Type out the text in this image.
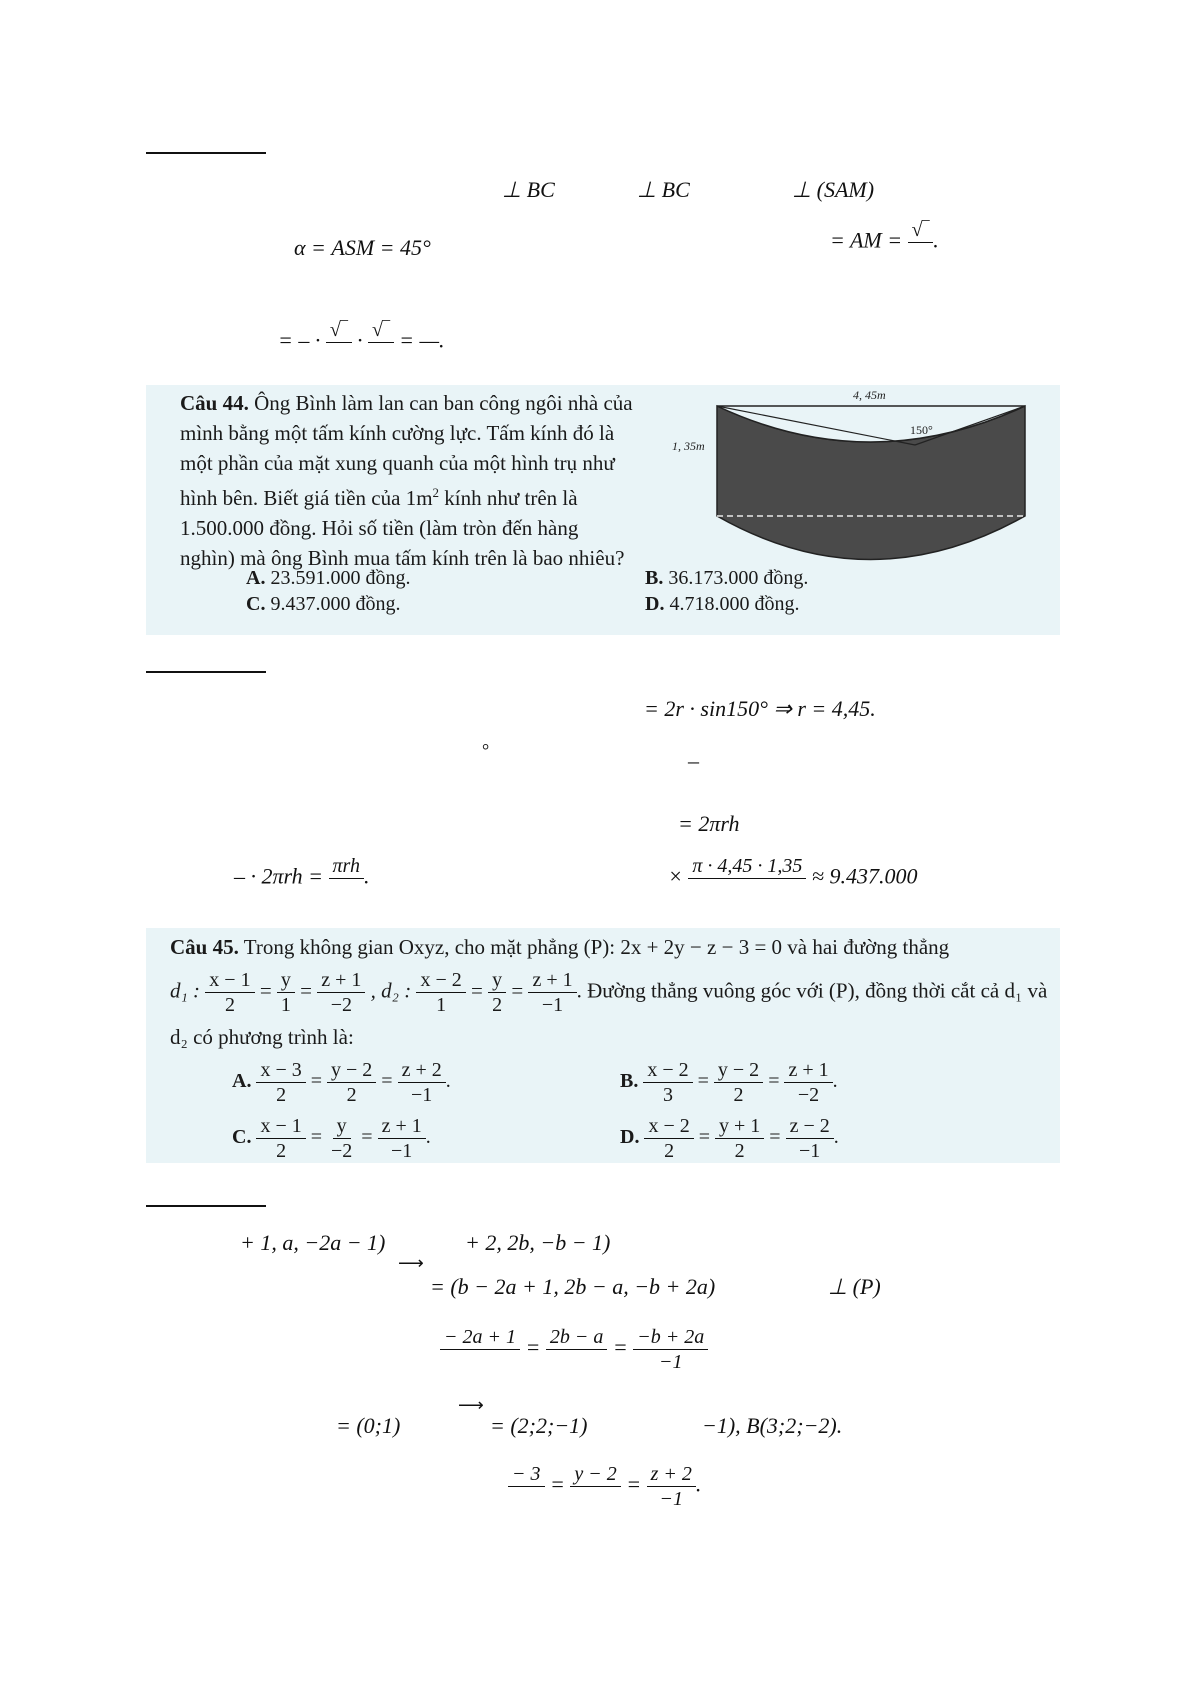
⊥ BC	⊥ BC	⊥ (SAM)
α = ASM = 45°	= AM = √‾
.
= – · √‾
· √‾
= —.
Câu 44. Ông Bình làm lan can ban công ngôi nhà của
mình bằng một tấm kính cường lực. Tấm kính đó là
một phần của mặt xung quanh của một hình trụ như
hình bên. Biết giá tiền của $1m^2$ kính như trên là
1.500.000 đồng. Hỏi số tiền (làm tròn đến hàng
nghìn) mà ông Bình mua tấm kính trên là bao nhiêu?
4, 45m
1, 35m
150°
A. 23.591.000 đồng.	B. 36.173.000 đồng.
C. 9.437.000 đồng.	D. 4.718.000 đồng.
= 2r · sin150° ⇒ r = 4,45.
°	–
= 2πrh
– · 2πrh = πrh
.	× π · 4,45 · 1,35
≈ 9.437.000
Câu 45. Trong không gian Oxyz, cho mặt phẳng (P): 2x + 2y − z − 3 = 0 và hai đường thẳng
d₁ : $\frac{x - 1}{2} = \frac{y}{1} = \frac{z + 1}{-2}$ , d₂ : $\frac{x - 2}{1} = \frac{y}{2} = \frac{z + 1}{-1}$ . Đường thẳng vuông góc với (P), đồng thời cắt cả d₁ và
d₂ có phương trình là:
A. $\frac{x - 3}{2} = \frac{y - 2}{2} = \frac{z + 2}{-1}$ .	B. $\frac{x - 2}{3} = \frac{y - 2}{2} = \frac{z + 1}{-2}$ .
C. $\frac{x - 1}{2} = \frac{y}{-2} = \frac{z + 1}{-1}$ .	D. $\frac{x - 2}{2} = \frac{y + 1}{2} = \frac{z - 2}{-1}$ .
+ 1, a, −2a − 1)	+ 2, 2b, −b − 1)
⟶
= (b − 2a + 1, 2b − a, −b + 2a)	⊥ (P)
− 2a + 1
= 2b − a
= $\frac{-b + 2a}{-1}$
= (0;1)
⟶
= (2;2;−1)	−1), B(3;2;−2).
− 3
= y − 2
= $\frac{z + 2}{-1}$ .
